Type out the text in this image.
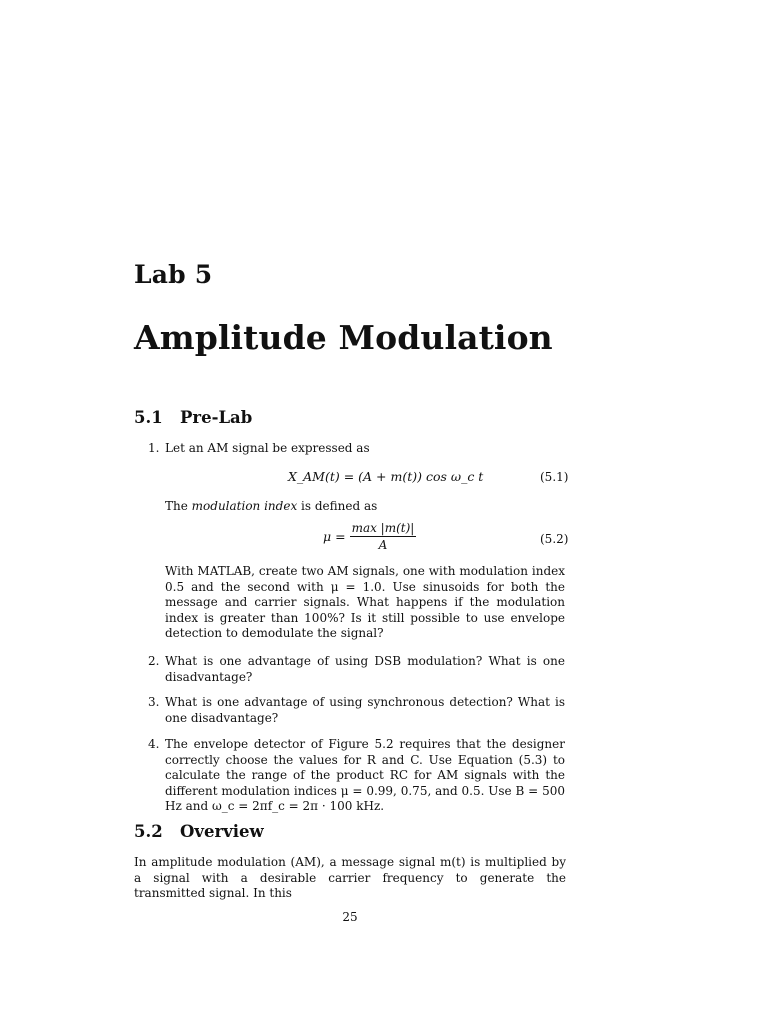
Lab 5
Amplitude Modulation
5.1 Pre-Lab
1. Let an AM signal be expressed as
X_AM(t) = (A + m(t)) cos ω_c t	(5.1)
The modulation index is defined as
$\mu = \frac{\max |m(t)|}{A}$	(5.2)
With MATLAB, create two AM signals, one with modulation index 0.5 and the second with μ = 1.0. Use sinusoids for both the message and carrier signals. What happens if the modulation index is greater than 100%? Is it still possible to use envelope detection to demodulate the signal?
2. What is one advantage of using DSB modulation? What is one disadvantage?
3. What is one advantage of using synchronous detection? What is one disadvantage?
4. The envelope detector of Figure 5.2 requires that the designer correctly choose the values for R and C. Use Equation (5.3) to calculate the range of the product RC for AM signals with the different modulation indices μ = 0.99, 0.75, and 0.5. Use B = 500 Hz and ω_c = 2πf_c = 2π · 100 kHz.
5.2 Overview
In amplitude modulation (AM), a message signal m(t) is multiplied by a signal with a desirable carrier frequency to generate the transmitted signal. In this
25
